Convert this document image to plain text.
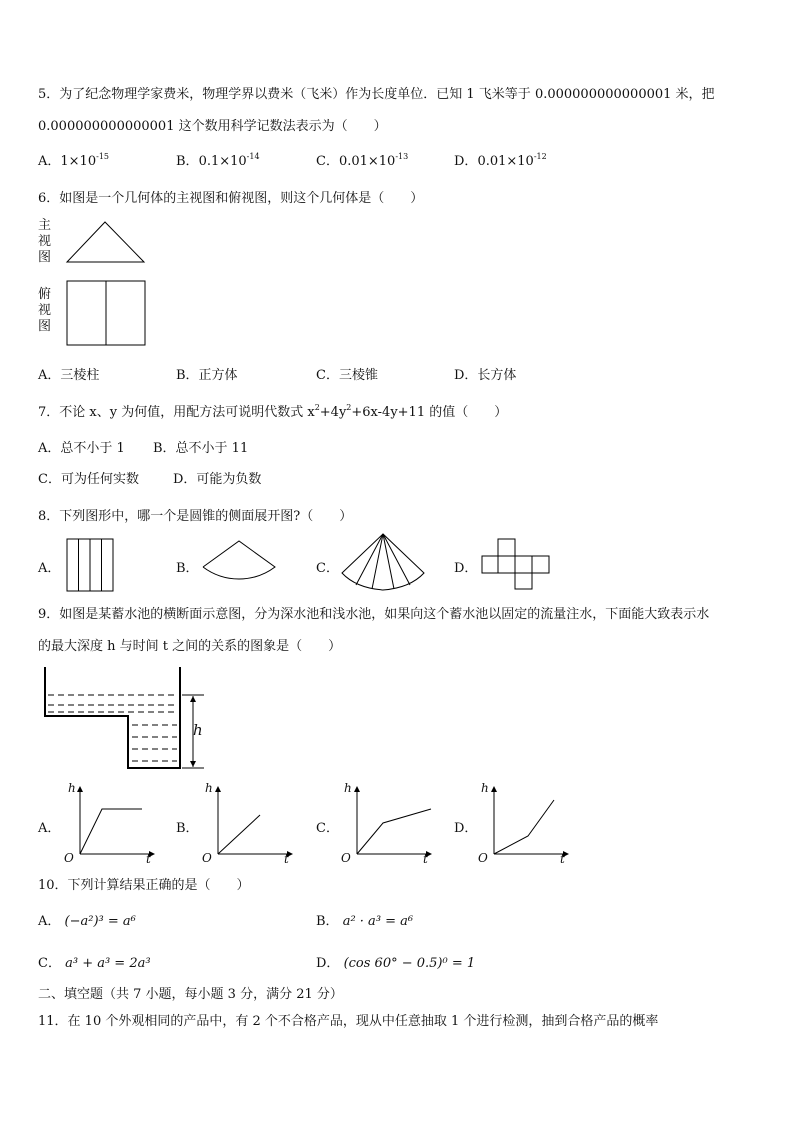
5．为了纪念物理学家费米，物理学界以费米（飞米）作为长度单位．已知 1 飞米等于 0.000000000000001 米，把
0.000000000000001 这个数用科学记数法表示为（　　）
A．$1\times 10^{-15}$	B．$0.1\times 10^{-14}$	C．$0.01\times 10^{-13}$	D．$0.01\times 10^{-12}$
6．如图是一个几何体的主视图和俯视图，则这个几何体是（　　）
主
视
图
俯
视
图
A．三棱柱	B．正方体	C．三棱锥	D．长方体
7．不论 x、y 为何值，用配方法可说明代数式 $x^2+4y^2+6x-4y+11$ 的值（　　）
A．总不小于 1 B．总不小于 11
C．可为任何实数	D．可能为负数
8．下列图形中，哪一个是圆锥的侧面展开图?（　　）
A．	B．	C．	D．
9．如图是某蓄水池的横断面示意图，分为深水池和浅水池，如果向这个蓄水池以固定的流量注水，下面能大致表示水
的最大深度 h 与时间 t 之间的关系的图象是（　　）
h
A．	B．	C．	D．
h
O	t
h
O	t
h
O	t
h
O	t
10．下列计算结果正确的是（　　）
A． (−a²)³ = a⁶	B． a² · a³ = a⁶
C． a³ + a³ = 2a³	D． (cos 60° − 0.5)⁰ = 1
二、填空题（共 7 小题，每小题 3 分，满分 21 分）
11．在 10 个外观相同的产品中，有 2 个不合格产品，现从中任意抽取 1 个进行检测，抽到合格产品的概率
